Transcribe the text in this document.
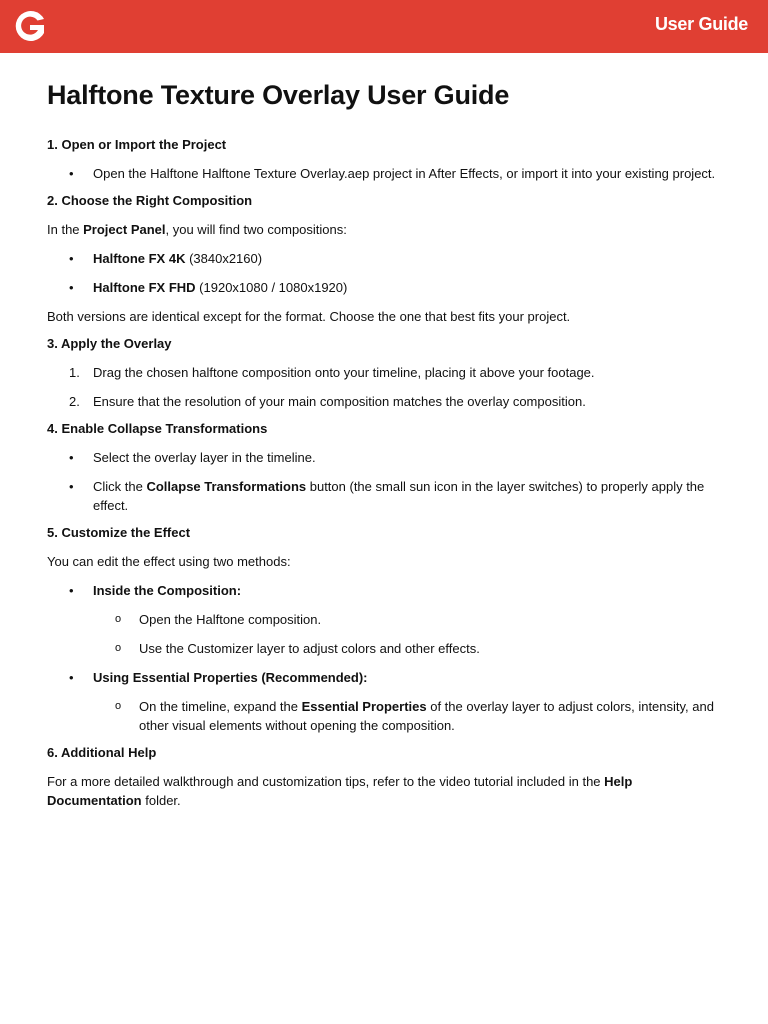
User Guide
Halftone Texture Overlay User Guide
1. Open or Import the Project
• Open the Halftone Halftone Texture Overlay.aep project in After Effects, or import it into your existing project.
2. Choose the Right Composition

In the Project Panel, you will find two compositions:

• Halftone FX 4K (3840x2160)
• Halftone FX FHD (1920x1080 / 1080x1920)

Both versions are identical except for the format. Choose the one that best fits your project.

3. Apply the Overlay
1. Drag the chosen halftone composition onto your timeline, placing it above your footage.
2. Ensure that the resolution of your main composition matches the overlay composition.
4. Enable Collapse Transformations
• Select the overlay layer in the timeline.
• Click the Collapse Transformations button (the small sun icon in the layer switches) to properly apply the effect.
5. Customize the Effect

You can edit the effect using two methods:

• Inside the Composition:
o Open the Halftone composition.
o Use the Customizer layer to adjust colors and other effects.
• Using Essential Properties (Recommended):
o On the timeline, expand the Essential Properties of the overlay layer to adjust colors, intensity, and other visual elements without opening the composition.
6. Additional Help

For a more detailed walkthrough and customization tips, refer to the video tutorial included in the Help Documentation folder.
